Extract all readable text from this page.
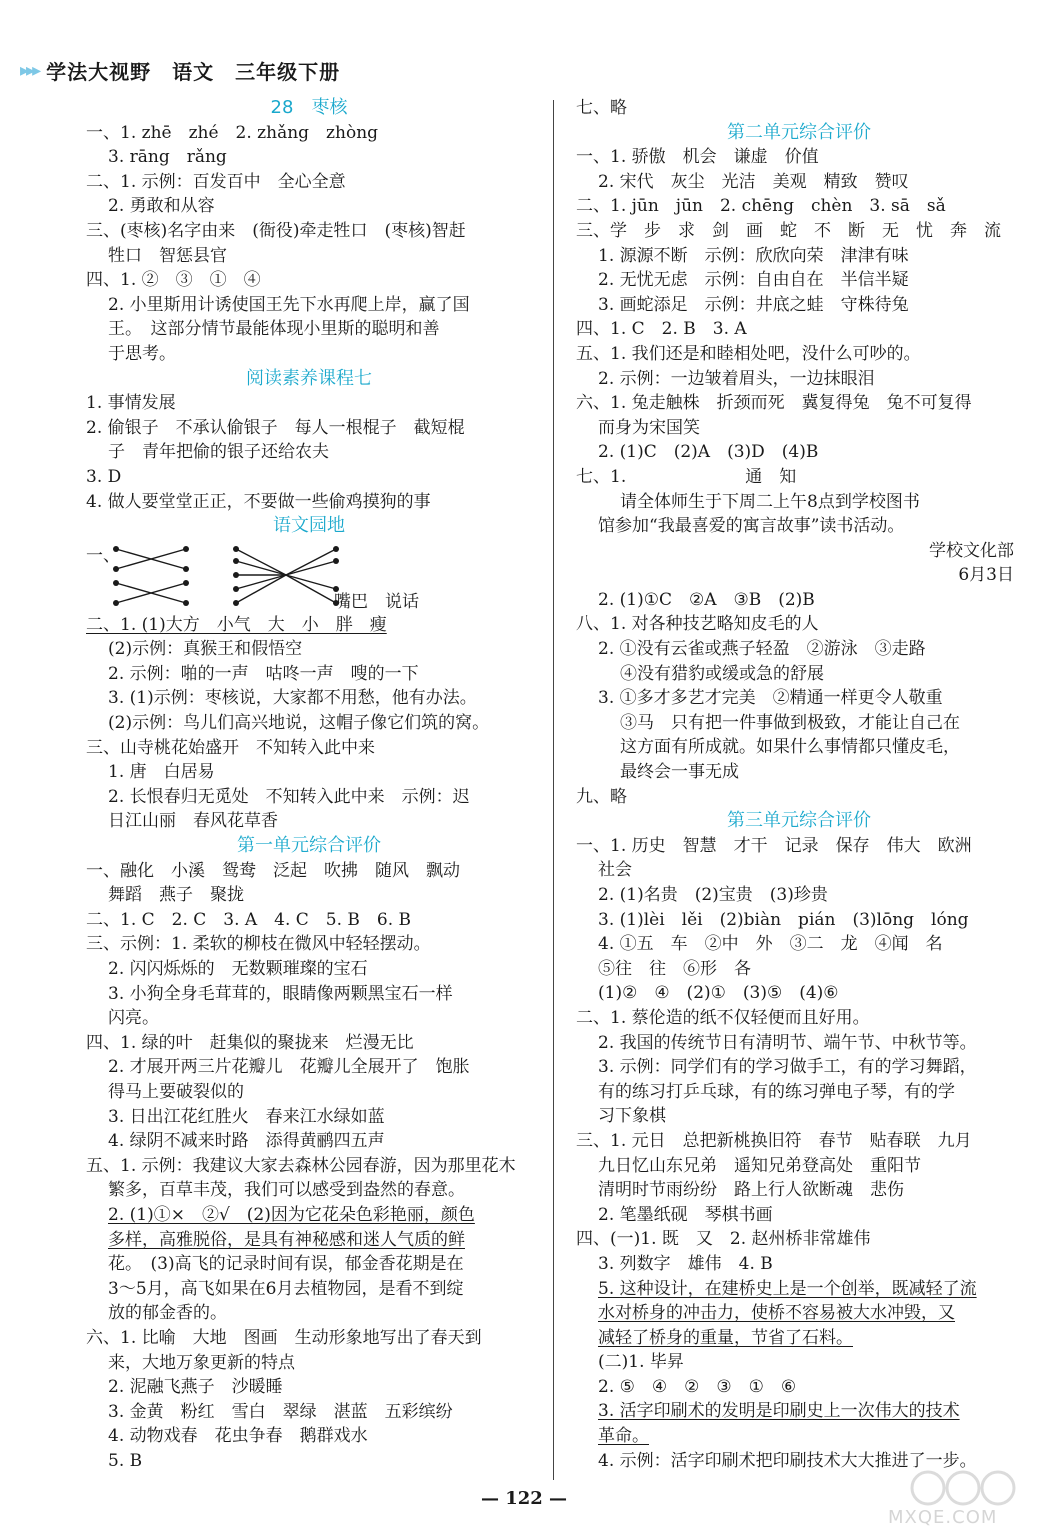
▸▸▸ 学法大视野　语文　三年级下册
28　枣核
一、1. zhē　zhé　2. zhǎng　zhòng
3. rāng　rǎng
二、1. 示例：百发百中　全心全意
2. 勇敢和从容
三、(枣核)名字由来　(衙役)牵走牲口　(枣核)智赶
牲口　智惩县官
四、1. ②　③　①　④
2. 小里斯用计诱使国王先下水再爬上岸，赢了国
王。　这部分情节最能体现小里斯的聪明和善
于思考。
阅读素养课程七
1. 事情发展
2. 偷银子　不承认偷银子　每人一根棍子　截短棍
子　青年把偷的银子还给农夫
3. D
4. 做人要堂堂正正，不要做一些偷鸡摸狗的事
语文园地
一、
嘴巴　说话
二、1. (1)大方　小气　大　小　胖　瘦
(2)示例：真猴王和假悟空
2. 示例：啪的一声　咕咚一声　嗖的一下
3. (1)示例：枣核说，大家都不用愁，他有办法。
(2)示例：鸟儿们高兴地说，这帽子像它们筑的窝。
三、山寺桃花始盛开　不知转入此中来
1. 唐　白居易
2. 长恨春归无觅处　不知转入此中来　示例：迟
日江山丽　春风花草香
第一单元综合评价
一、融化　小溪　鸳鸯　泛起　吹拂　随风　飘动
舞蹈　燕子　聚拢
二、1. C　2. C　3. A　4. C　5. B　6. B
三、示例：1. 柔软的柳枝在微风中轻轻摆动。
2. 闪闪烁烁的　无数颗璀璨的宝石
3. 小狗全身毛茸茸的，眼睛像两颗黑宝石一样
闪亮。
四、1. 绿的叶　赶集似的聚拢来　烂漫无比
2. 才展开两三片花瓣儿　花瓣儿全展开了　饱胀
得马上要破裂似的
3. 日出江花红胜火　春来江水绿如蓝
4. 绿阴不减来时路　添得黄鹂四五声
五、1. 示例：我建议大家去森林公园春游，因为那里花木
繁多，百草丰茂，我们可以感受到盎然的春意。
2. (1)①×　②√　(2)因为它花朵色彩艳丽，颜色
多样，高雅脱俗，是具有神秘感和迷人气质的鲜
花。　(3)高飞的记录时间有误，郁金香花期是在
3～5月，高飞如果在6月去植物园，是看不到绽
放的郁金香的。
六、1. 比喻　大地　图画　生动形象地写出了春天到
来，大地万象更新的特点
2. 泥融飞燕子　沙暖睡
3. 金黄　粉红　雪白　翠绿　湛蓝　五彩缤纷
4. 动物戏春　花虫争春　鹅群戏水
5. B
七、略
第二单元综合评价
一、1. 骄傲　机会　谦虚　价值
2. 宋代　灰尘　光洁　美观　精致　赞叹
二、1. jūn　jūn　2. chēng　chèn　3. sā　sǎ
三、学　步　求　剑　画　蛇　不　断　无　忧　奔　流
1. 源源不断　示例：欣欣向荣　津津有味
2. 无忧无虑　示例：自由自在　半信半疑
3. 画蛇添足　示例：井底之蛙　守株待兔
四、1. C　2. B　3. A
五、1. 我们还是和睦相处吧，没什么可吵的。
2. 示例：一边皱着眉头，一边抹眼泪
六、1. 兔走触株　折颈而死　冀复得兔　兔不可复得
而身为宋国笑
2. (1)C　(2)A　(3)D　(4)B
七、1.　　　　　　　通　知
请全体师生于下周二上午8点到学校图书
馆参加“我最喜爱的寓言故事”读书活动。
学校文化部
6月3日
2. (1)①C　②A　③B　(2)B
八、1. 对各种技艺略知皮毛的人
2. ①没有云雀或燕子轻盈　②游泳　③走路
④没有猎豹或缓或急的舒展
3. ①多才多艺才完美　②精通一样更令人敬重
③马　只有把一件事做到极致，才能让自己在
这方面有所成就。如果什么事情都只懂皮毛，
最终会一事无成
九、略
第三单元综合评价
一、1. 历史　智慧　才干　记录　保存　伟大　欧洲
社会
2. (1)名贵　(2)宝贵　(3)珍贵
3. (1)lèi　lěi　(2)biàn　pián　(3)lōng　lóng
4. ①五　车　②中　外　③二　龙　④闻　名
⑤往　往　⑥形　各
(1)②　④　(2)①　(3)⑤　(4)⑥
二、1. 蔡伦造的纸不仅轻便而且好用。
2. 我国的传统节日有清明节、端午节、中秋节等。
3. 示例：同学们有的学习做手工，有的学习舞蹈，
有的练习打乒乓球，有的练习弹电子琴，有的学
习下象棋
三、1. 元日　总把新桃换旧符　春节　贴春联　九月
九日忆山东兄弟　遥知兄弟登高处　重阳节
清明时节雨纷纷　路上行人欲断魂　悲伤
2. 笔墨纸砚　琴棋书画
四、(一)1. 既　又　2. 赵州桥非常雄伟
3. 列数字　雄伟　4. B
5. 这种设计，在建桥史上是一个创举，既减轻了流
水对桥身的冲击力，使桥不容易被大水冲毁，又
减轻了桥身的重量，节省了石料。
(二)1. 毕昇
2. ⑤　④　②　③　①　⑥
3. 活字印刷术的发明是印刷史上一次伟大的技术
革命。
4. 示例：活字印刷术把印刷技术大大推进了一步。
— 122 —
MXQE.COM
